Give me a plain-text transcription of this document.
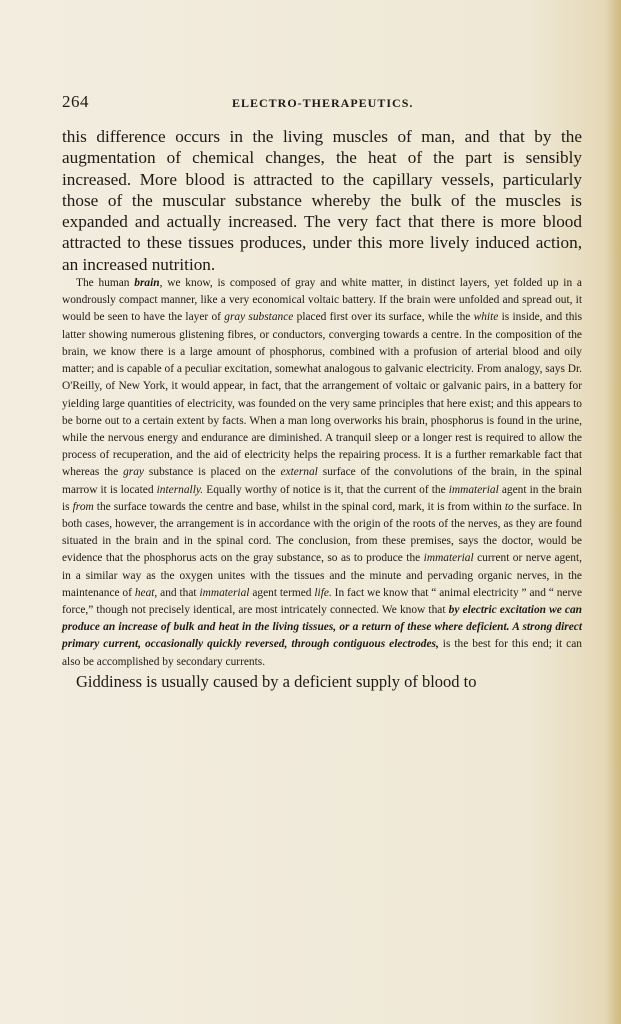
264	ELECTRO-THERAPEUTICS.

this difference occurs in the living muscles of man, and that by the augmentation of chemical changes, the heat of the part is sensibly increased. More blood is attracted to the capillary vessels, particularly those of the muscular substance whereby the bulk of the muscles is expanded and actually increased. The very fact that there is more blood attracted to these tissues produces, under this more lively induced action, an increased nutrition.

The human brain, we know, is composed of gray and white matter, in distinct layers, yet folded up in a wondrously compact manner, like a very economical voltaic battery. If the brain were unfolded and spread out, it would be seen to have the layer of gray substance placed first over its surface, while the white is inside, and this latter showing numerous glistening fibres, or conductors, converging towards a centre. In the composition of the brain, we know there is a large amount of phosphorus, combined with a profusion of arterial blood and oily matter; and is capable of a peculiar excitation, somewhat analogous to galvanic electricity. From analogy, says Dr. O'Reilly, of New York, it would appear, in fact, that the arrangement of voltaic or galvanic pairs, in a battery for yielding large quantities of electricity, was founded on the very same principles that here exist; and this appears to be borne out to a certain extent by facts. When a man long overworks his brain, phosphorus is found in the urine, while the nervous energy and endurance are diminished. A tranquil sleep or a longer rest is required to allow the process of recuperation, and the aid of electricity helps the repairing process. It is a further remarkable fact that whereas the gray substance is placed on the external surface of the convolutions of the brain, in the spinal marrow it is located internally. Equally worthy of notice is it, that the current of the immaterial agent in the brain is from the surface towards the centre and base, whilst in the spinal cord, mark, it is from within to the surface. In both cases, however, the arrangement is in accordance with the origin of the roots of the nerves, as they are found situated in the brain and in the spinal cord. The conclusion, from these premises, says the doctor, would be evidence that the phosphorus acts on the gray substance, so as to produce the immaterial current or nerve agent, in a similar way as the oxygen unites with the tissues and the minute and pervading organic nerves, in the maintenance of heat, and that immaterial agent termed life. In fact we know that “ animal electricity ” and “ nerve force,” though not precisely identical, are most intricately connected. We know that by electric excitation we can produce an increase of bulk and heat in the living tissues, or a return of these where deficient. A strong direct primary current, occasionally quickly reversed, through contiguous electrodes, is the best for this end; it can also be accomplished by secondary currents.

Giddiness is usually caused by a deficient supply of blood to
